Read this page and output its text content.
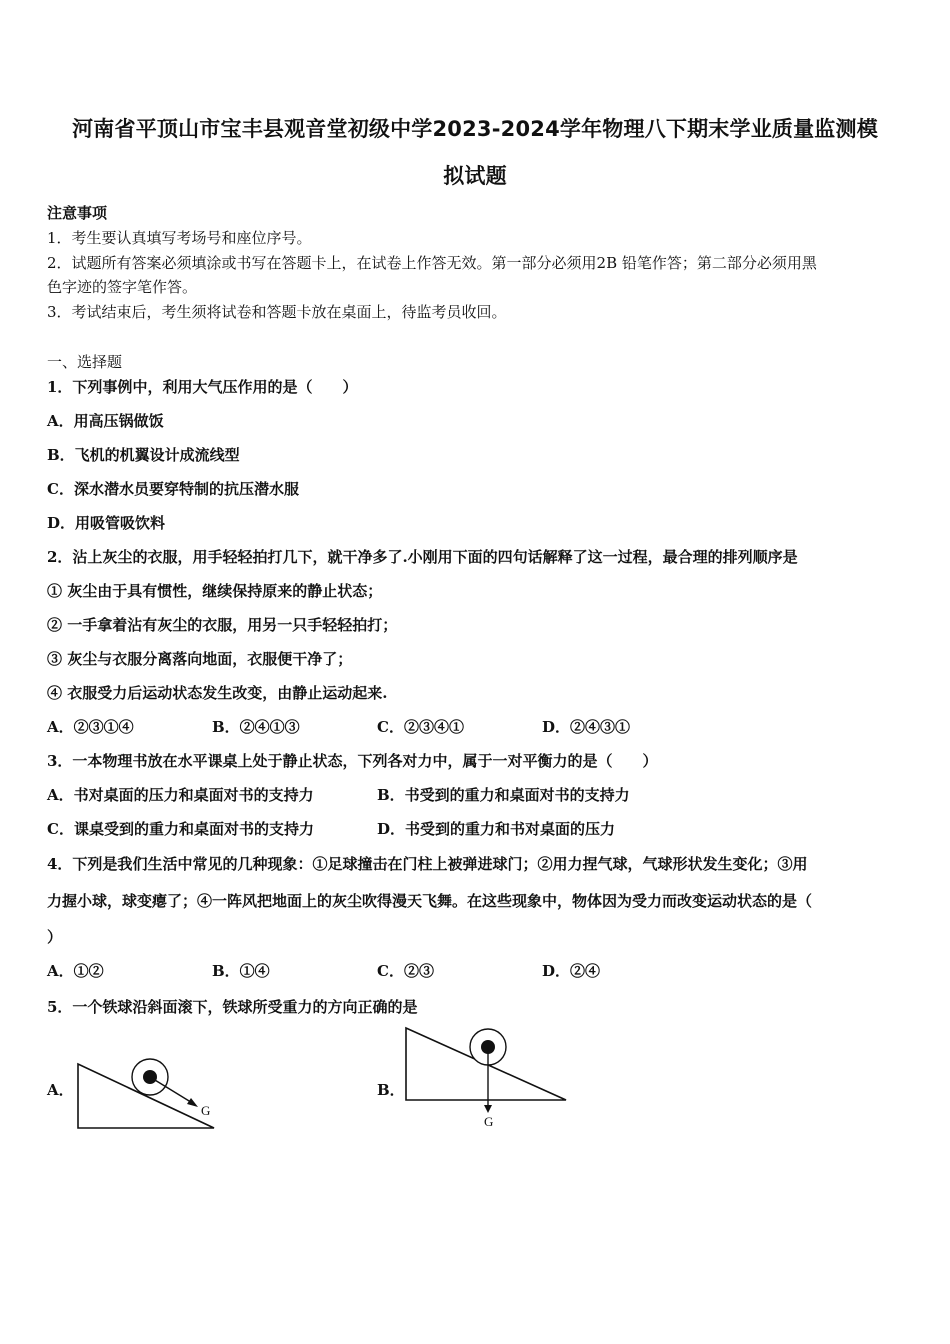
河南省平顶山市宝丰县观音堂初级中学2023-2024学年物理八下期末学业质量监测模
拟试题
注意事项
1．考生要认真填写考场号和座位序号。
2．试题所有答案必须填涂或书写在答题卡上，在试卷上作答无效。第一部分必须用2B 铅笔作答；第二部分必须用黑
色字迹的签字笔作答。
3．考试结束后，考生须将试卷和答题卡放在桌面上，待监考员收回。
一、选择题
1．下列事例中，利用大气压作用的是（　　）
A．用高压锅做饭
B．飞机的机翼设计成流线型
C．深水潜水员要穿特制的抗压潜水服
D．用吸管吸饮料
2．沾上灰尘的衣服，用手轻轻拍打几下，就干净多了.小刚用下面的四句话解释了这一过程，最合理的排列顺序是
① 灰尘由于具有惯性，继续保持原来的静止状态；
② 一手拿着沾有灰尘的衣服，用另一只手轻轻拍打；
③ 灰尘与衣服分离落向地面，衣服便干净了；
④ 衣服受力后运动状态发生改变，由静止运动起来.
A．②③①④	B．②④①③	C．②③④①	D．②④③①
3．一本物理书放在水平课桌上处于静止状态，下列各对力中，属于一对平衡力的是（　　）
A．书对桌面的压力和桌面对书的支持力	B．书受到的重力和桌面对书的支持力
C．课桌受到的重力和桌面对书的支持力	D．书受到的重力和书对桌面的压力
4．下列是我们生活中常见的几种现象：①足球撞击在门柱上被弹进球门；②用力捏气球，气球形状发生变化；③用
力握小球，球变瘪了；④一阵风把地面上的灰尘吹得漫天飞舞。在这些现象中，物体因为受力而改变运动状态的是（
）
A．①②	B．①④	C．②③	D．②④
5．一个铁球沿斜面滚下，铁球所受重力的方向正确的是
A．
G
B．
G
